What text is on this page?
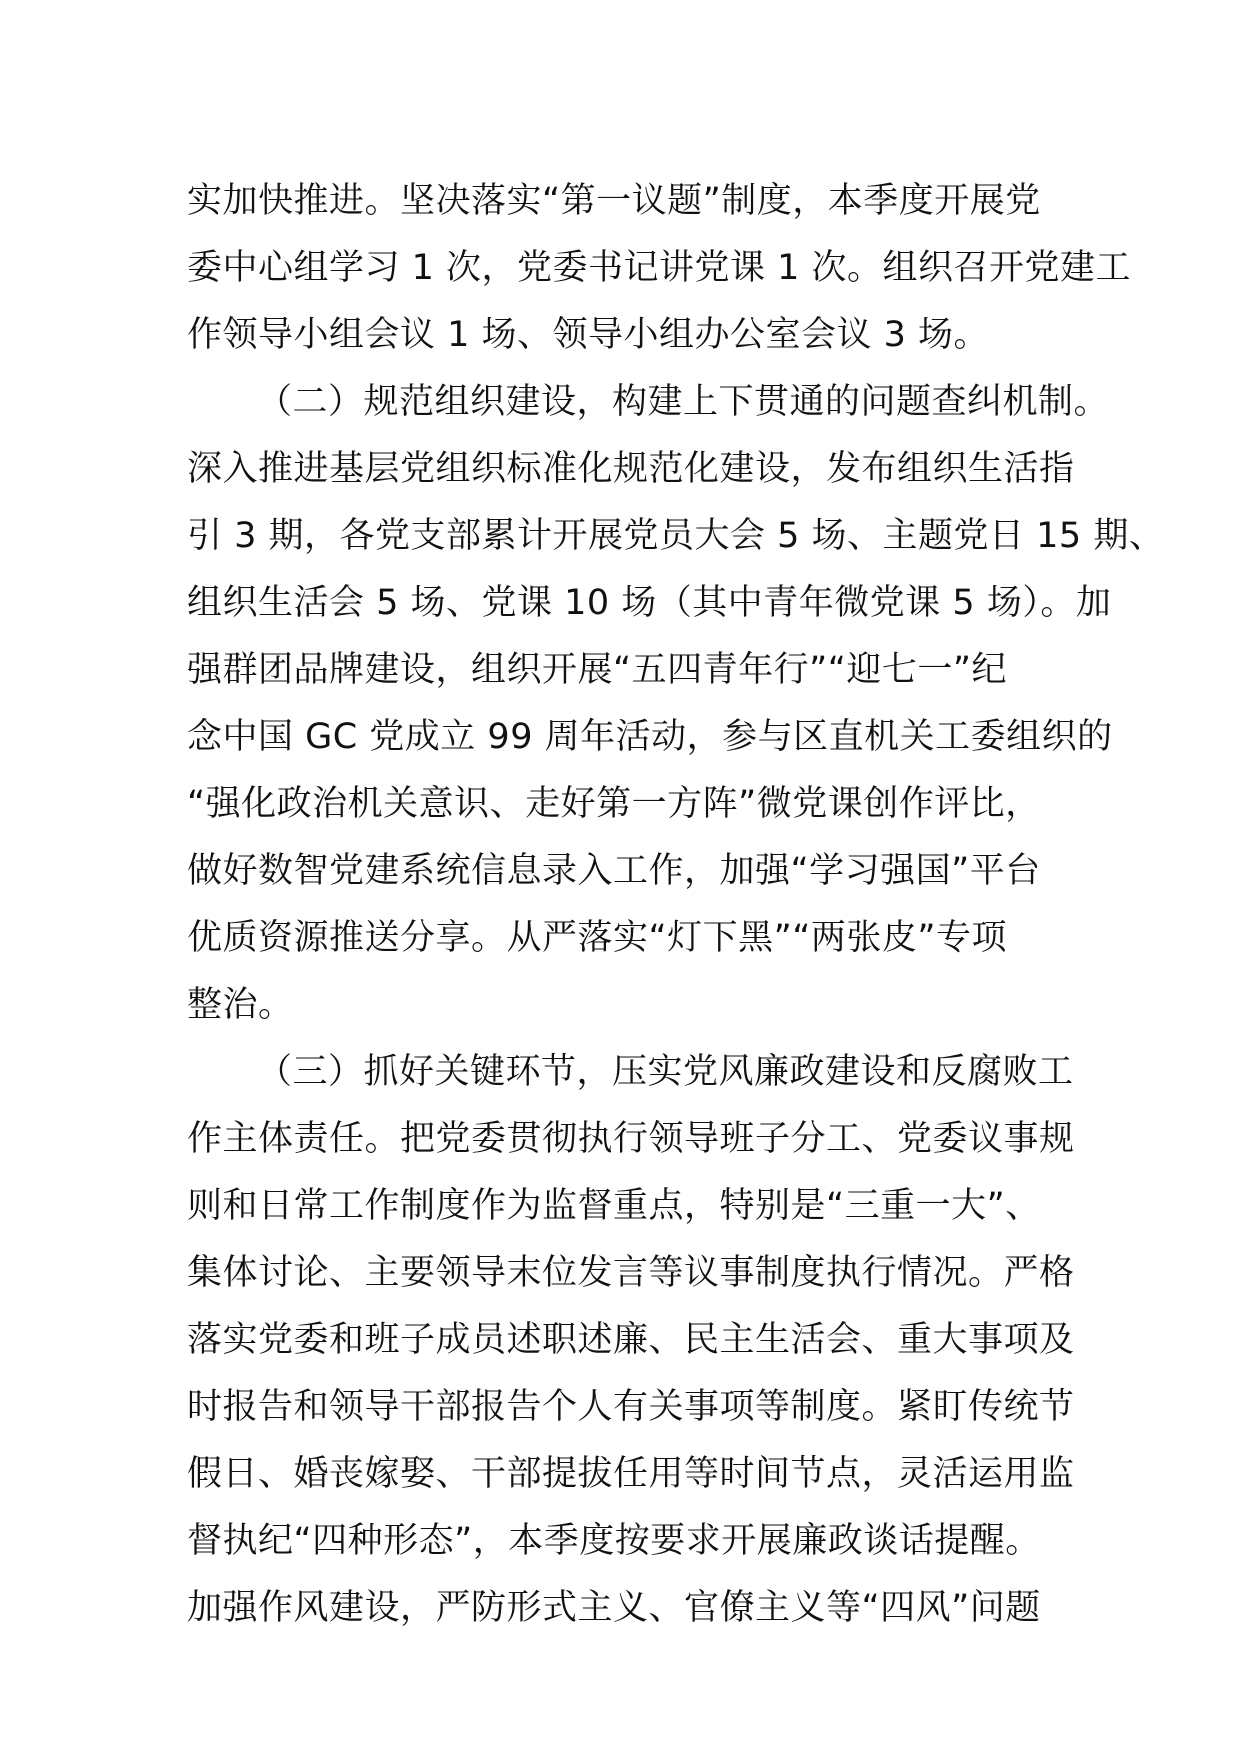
实加快推进。坚决落实“第一议题”制度，本季度开展党
委中心组学习 1 次，党委书记讲党课 1 次。组织召开党建工
作领导小组会议 1 场、领导小组办公室会议 3 场。
（二）规范组织建设，构建上下贯通的问题查纠机制。
深入推进基层党组织标准化规范化建设，发布组织生活指
引 3 期，各党支部累计开展党员大会 5 场、主题党日 15 期、
组织生活会 5 场、党课 10 场（其中青年微党课 5 场）。加
强群团品牌建设，组织开展“五四青年行”“迎七一”纪
念中国 GC 党成立 99 周年活动，参与区直机关工委组织的
“强化政治机关意识、走好第一方阵”微党课创作评比，
做好数智党建系统信息录入工作，加强“学习强国”平台
优质资源推送分享。从严落实“灯下黑”“两张皮”专项
整治。
（三）抓好关键环节，压实党风廉政建设和反腐败工
作主体责任。把党委贯彻执行领导班子分工、党委议事规
则和日常工作制度作为监督重点，特别是“三重一大”、
集体讨论、主要领导末位发言等议事制度执行情况。严格
落实党委和班子成员述职述廉、民主生活会、重大事项及
时报告和领导干部报告个人有关事项等制度。紧盯传统节
假日、婚丧嫁娶、干部提拔任用等时间节点，灵活运用监
督执纪“四种形态”，本季度按要求开展廉政谈话提醒。
加强作风建设，严防形式主义、官僚主义等“四风”问题
